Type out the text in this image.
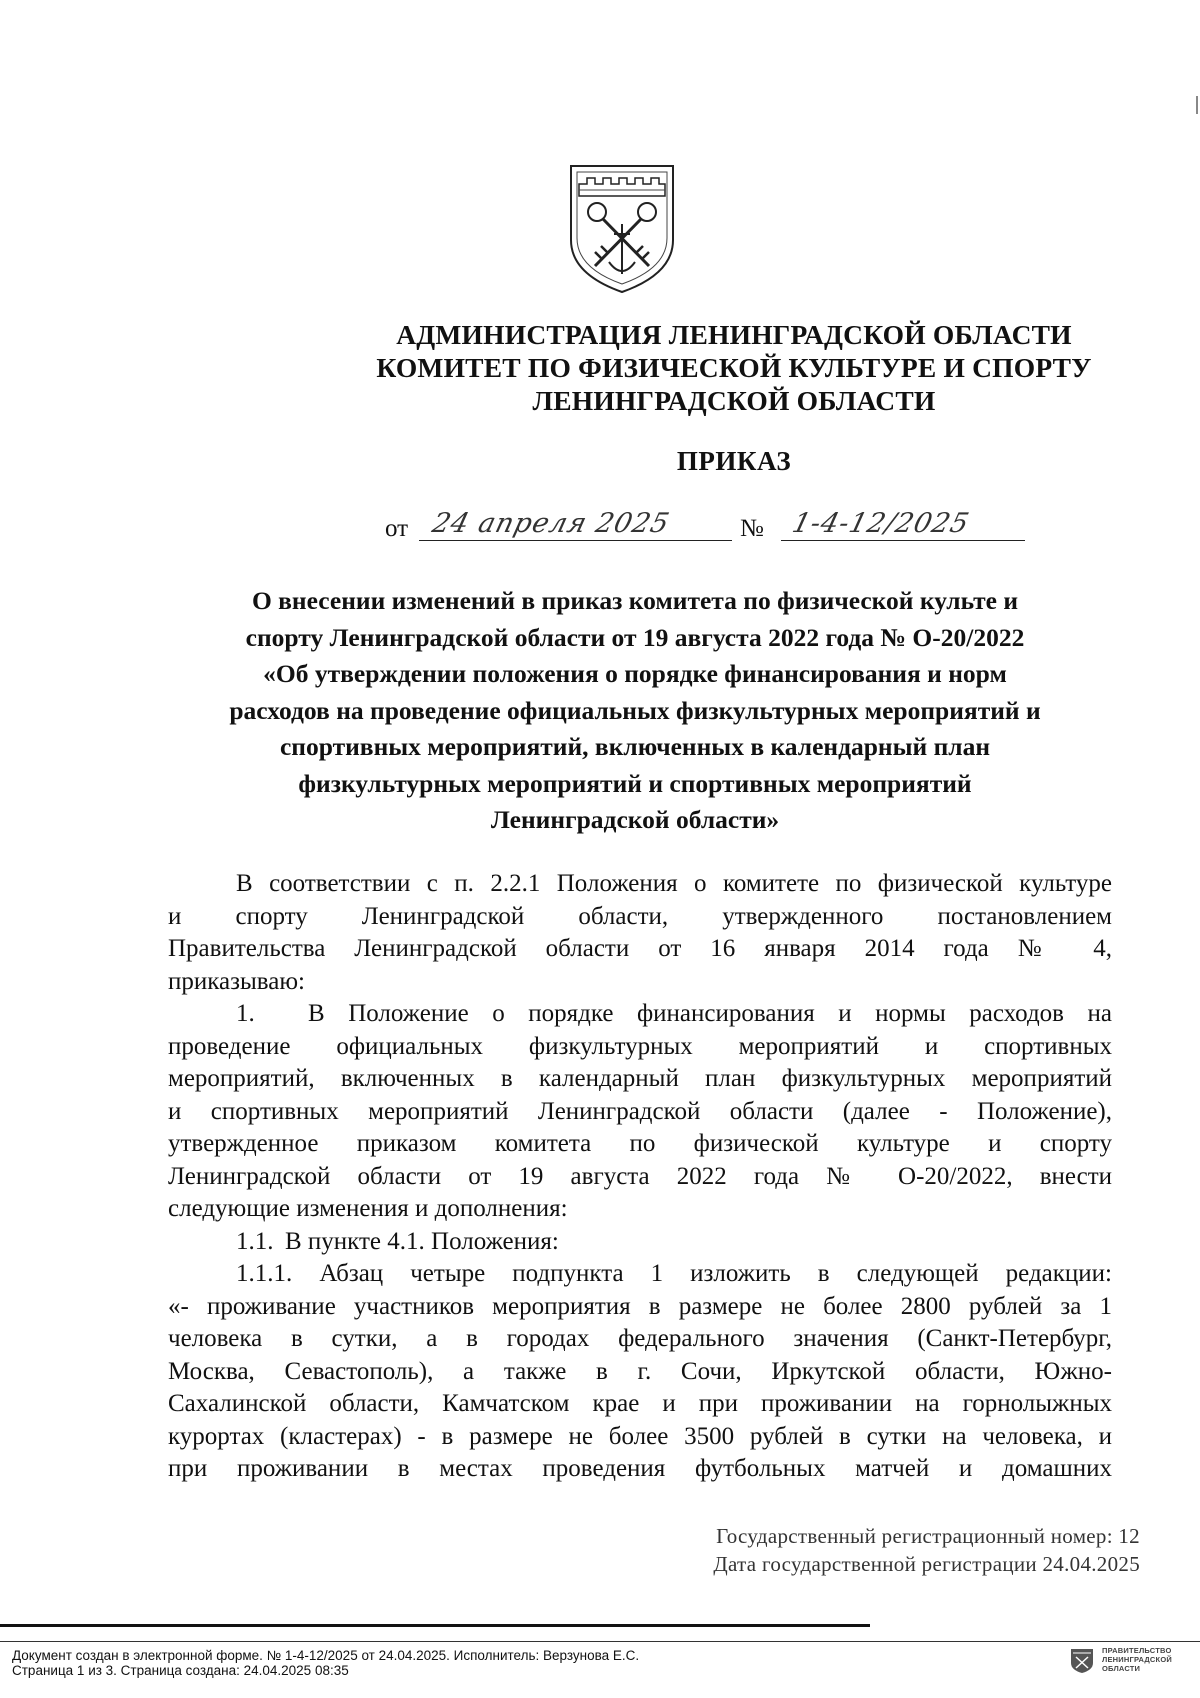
АДМИНИСТРАЦИЯ ЛЕНИНГРАДСКОЙ ОБЛАСТИ
КОМИТЕТ ПО ФИЗИЧЕСКОЙ КУЛЬТУРЕ И СПОРТУ
ЛЕНИНГРАДСКОЙ ОБЛАСТИ
ПРИКАЗ
от 24 апреля 2025	№ 1-4-12/2025
О внесении изменений в приказ комитета по физической культе и
спорту Ленинградской области от 19 августа 2022 года № О-20/2022
«Об утверждении положения о порядке финансирования и норм
расходов на проведение официальных физкультурных мероприятий и
спортивных мероприятий, включенных в календарный план
физкультурных мероприятий и спортивных мероприятий
Ленинградской области»
В соответствии с п. 2.2.1 Положения о комитете по физической культуре
и спорту Ленинградской области, утвержденного постановлением
Правительства Ленинградской области от 16 января 2014 года № 4,
приказываю:
1. В Положение о порядке финансирования и нормы расходов на
проведение официальных физкультурных мероприятий и спортивных
мероприятий, включенных в календарный план физкультурных мероприятий
и спортивных мероприятий Ленинградской области (далее - Положение),
утвержденное приказом комитета по физической культуре и спорту
Ленинградской области от 19 августа 2022 года № О-20/2022, внести
следующие изменения и дополнения:
1.1. В пункте 4.1. Положения:
1.1.1. Абзац четыре подпункта 1 изложить в следующей редакции:
«- проживание участников мероприятия в размере не более 2800 рублей за 1
человека в сутки, а в городах федерального значения (Санкт-Петербург,
Москва, Севастополь), а также в г. Сочи, Иркутской области, Южно-
Сахалинской области, Камчатском крае и при проживании на горнолыжных
курортах (кластерах) - в размере не более 3500 рублей в сутки на человека, и
при проживании в местах проведения футбольных матчей и домашних
Государственный регистрационный номер: 12
Дата государственной регистрации 24.04.2025
Документ создан в электронной форме. № 1-4-12/2025 от 24.04.2025. Исполнитель: Верзунова Е.С.
Страница 1 из 3. Страница создана: 24.04.2025 08:35
ПРАВИТЕЛЬСТВО
ЛЕНИНГРАДСКОЙ
ОБЛАСТИ
